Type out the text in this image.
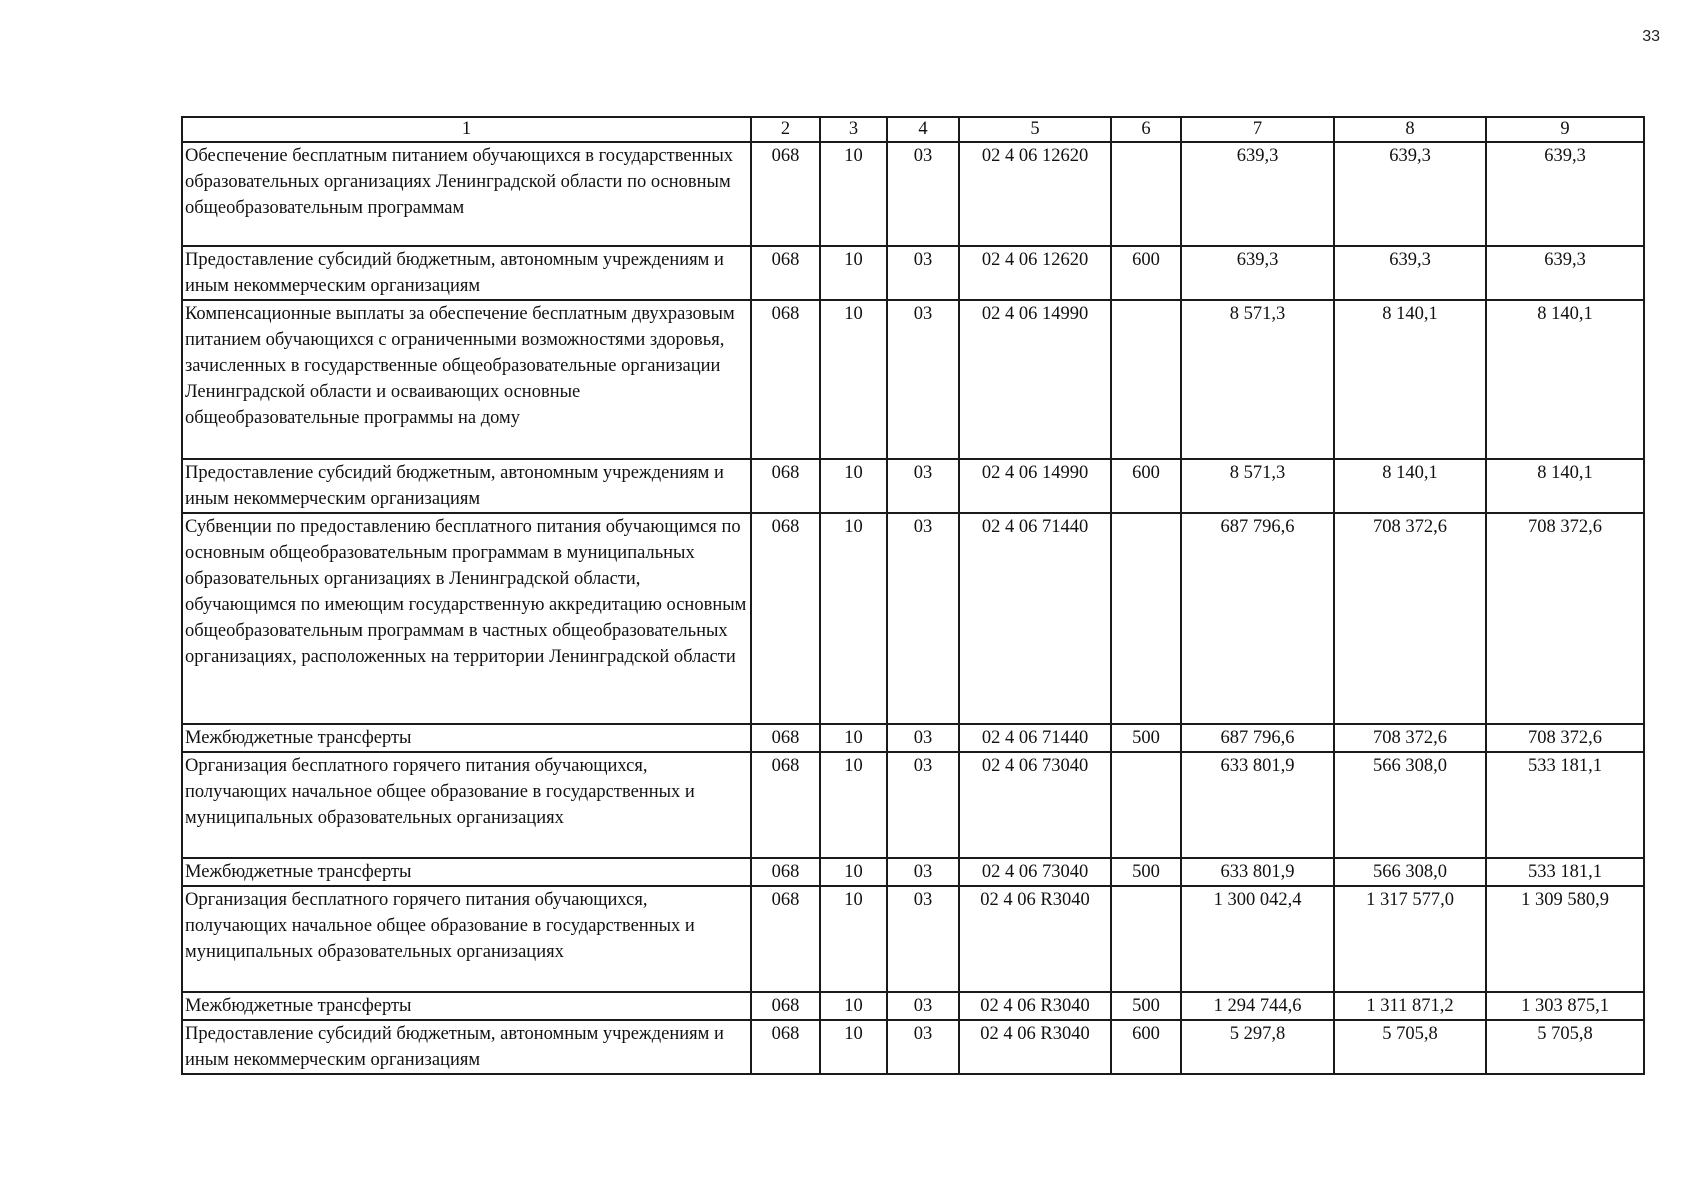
33
1	2	3	4	5	6	7	8	9
Обеспечение бесплатным питанием обучающихся в государственных образовательных организациях Ленинградской области по основным общеобразовательным программам	068	10	03	02 4 06 12620		639,3	639,3	639,3
Предоставление субсидий бюджетным, автономным учреждениям и иным некоммерческим организациям	068	10	03	02 4 06 12620	600	639,3	639,3	639,3
Компенсационные выплаты за обеспечение бесплатным двухразовым питанием обучающихся с ограниченными возможностями здоровья, зачисленных в государственные общеобразовательные организации Ленинградской области и осваивающих основные общеобразовательные программы на дому	068	10	03	02 4 06 14990		8 571,3	8 140,1	8 140,1
Предоставление субсидий бюджетным, автономным учреждениям и иным некоммерческим организациям	068	10	03	02 4 06 14990	600	8 571,3	8 140,1	8 140,1
Субвенции по предоставлению бесплатного питания обучающимся по основным общеобразовательным программам в муниципальных образовательных организациях в Ленинградской области, обучающимся по имеющим государственную аккредитацию основным общеобразовательным программам в частных общеобразовательных организациях, расположенных на территории Ленинградской области	068	10	03	02 4 06 71440		687 796,6	708 372,6	708 372,6
Межбюджетные трансферты	068	10	03	02 4 06 71440	500	687 796,6	708 372,6	708 372,6
Организация бесплатного горячего питания обучающихся, получающих начальное общее образование в государственных и муниципальных образовательных организациях	068	10	03	02 4 06 73040		633 801,9	566 308,0	533 181,1
Межбюджетные трансферты	068	10	03	02 4 06 73040	500	633 801,9	566 308,0	533 181,1
Организация бесплатного горячего питания обучающихся, получающих начальное общее образование в государственных и муниципальных образовательных организациях	068	10	03	02 4 06 R3040		1 300 042,4	1 317 577,0	1 309 580,9
Межбюджетные трансферты	068	10	03	02 4 06 R3040	500	1 294 744,6	1 311 871,2	1 303 875,1
Предоставление субсидий бюджетным, автономным учреждениям и иным некоммерческим организациям	068	10	03	02 4 06 R3040	600	5 297,8	5 705,8	5 705,8
